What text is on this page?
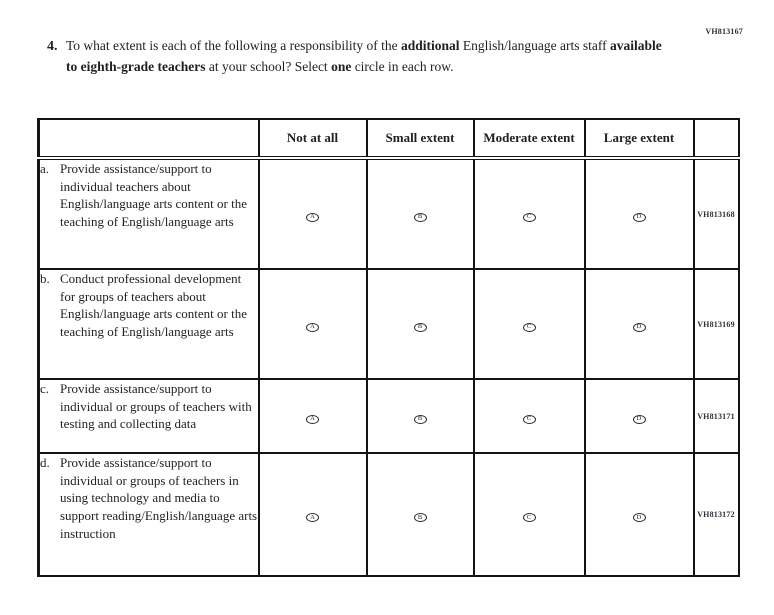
VH813167
4. To what extent is each of the following a responsibility of the additional English/language arts staff available to eighth-grade teachers at your school? Select one circle in each row.
	Not at all	Small extent	Moderate extent	Large extent	

a. Provide assistance/support to individual teachers about English/language arts content or the teaching of English/language arts	A	B	C	D	VH813168

b. Conduct professional development for groups of teachers about English/language arts content or the teaching of English/language arts	A	B	C	D	VH813169

c. Provide assistance/support to individual or groups of teachers with testing and collecting data	A	B	C	D	VH813171

d. Provide assistance/support to individual or groups of teachers in using technology and media to support reading/English/language arts instruction	A	B	C	D	VH813172
